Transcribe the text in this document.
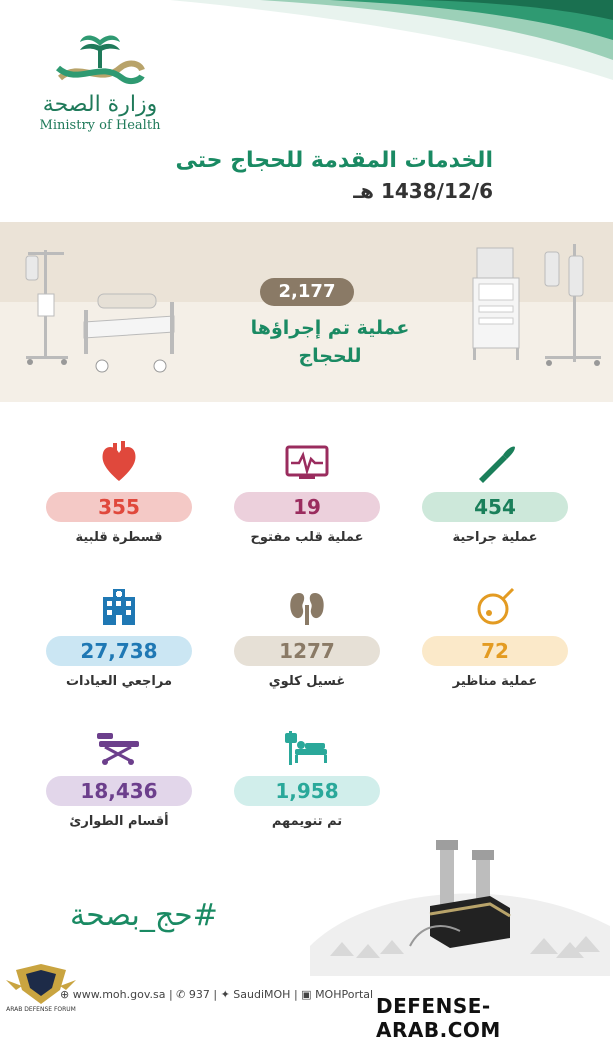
وزارة الصحة
Ministry of Health
الخدمات المقدمة للحجاج حتى
1438/12/6 هـ
2,177
عملية تم إجراؤها
للحجاج
355
قسطرة قلبية
19
عملية قلب مفتوح
454
عملية جراحية
27,738
مراجعي العيادات
1277
غسيل كلوي
72
عملية مناظير
18,436
أقسام الطوارئ
1,958
تم تنويمهم
#حج_بصحة
ARAB DEFENSE FORUM
⊕ www.moh.gov.sa | ✆ 937 | ✦ SaudiMOH | ▣ MOHPortal DEFENSE-ARAB.COM
